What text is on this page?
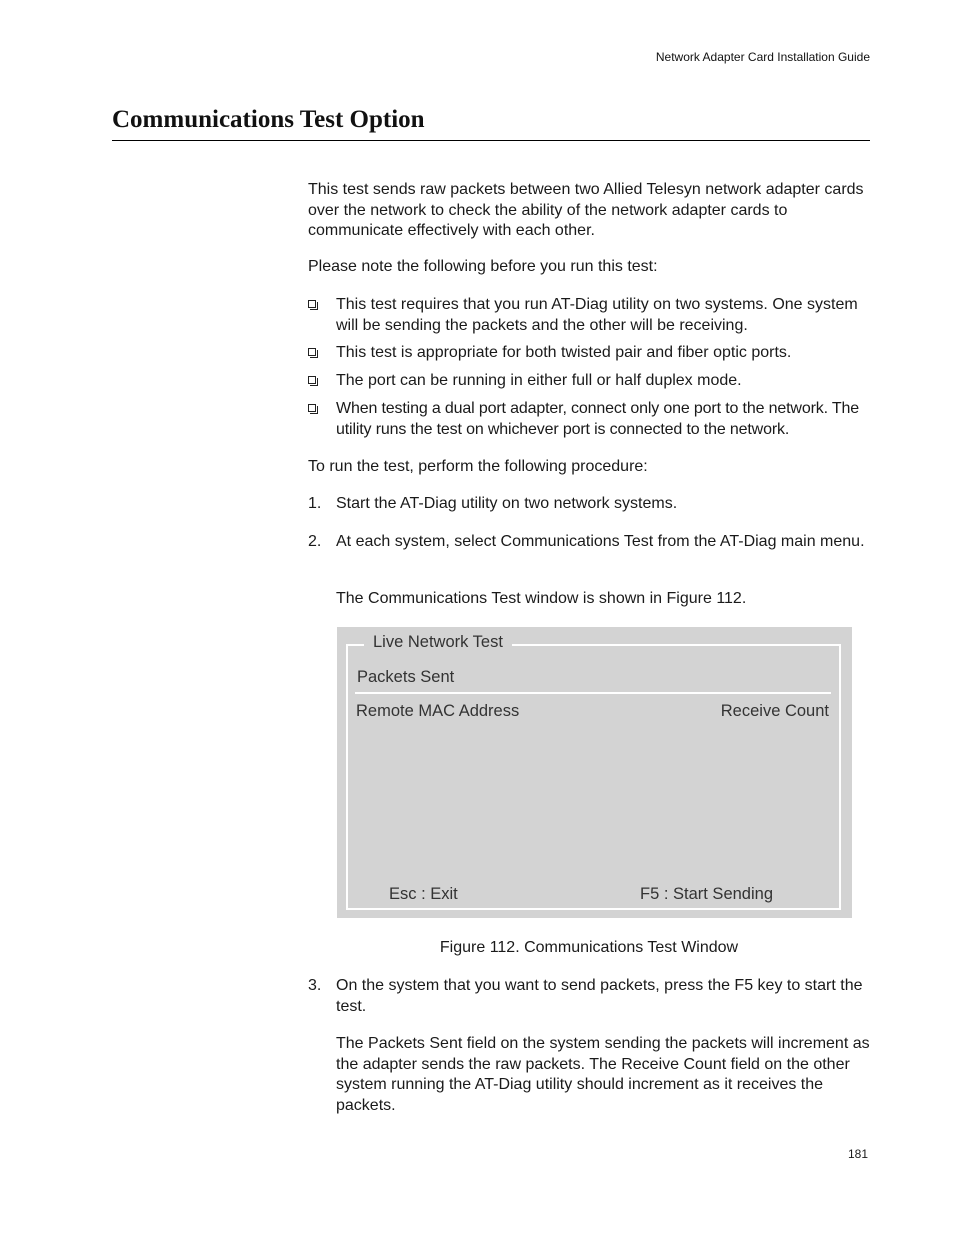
Network Adapter Card Installation Guide
Communications Test Option

This test sends raw packets between two Allied Telesyn network adapter cards over the network to check the ability of the network adapter cards to communicate effectively with each other.

Please note the following before you run this test:

This test requires that you run AT-Diag utility on two systems. One system will be sending the packets and the other will be receiving.
This test is appropriate for both twisted pair and fiber optic ports.
The port can be running in either full or half duplex mode.
When testing a dual port adapter, connect only one port to the network. The utility runs the test on whichever port is connected to the network.

To run the test, perform the following procedure:

1. Start the AT-Diag utility on two network systems.
2. At each system, select Communications Test from the AT-Diag main menu.

The Communications Test window is shown in Figure 112.

Live Network Test
Packets Sent
Remote MAC Address	Receive Count
Esc : Exit	F5 : Start Sending

Figure 112. Communications Test Window

3. On the system that you want to send packets, press the F5 key to start the test.

The Packets Sent field on the system sending the packets will increment as the adapter sends the raw packets. The Receive Count field on the other system running the AT-Diag utility should increment as it receives the packets.

181
